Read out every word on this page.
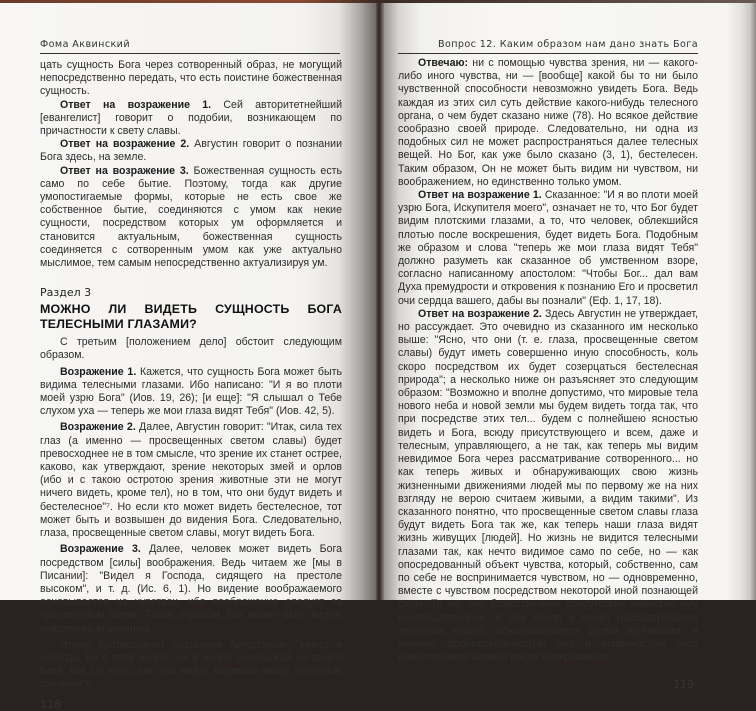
Фома Аквинский

цать сущность Бога через сотворенный образ, не могущий непосредственно передать, что есть поистине божественная сущность.

Ответ на возражение 1. Сей авторитетнейший [евангелист] говорит о подобии, возникающем по причастности к свету славы.

Ответ на возражение 2. Августин говорит о познании Бога здесь, на земле.

Ответ на возражение 3. Божественная сущность есть само по себе бытие. Поэтому, тогда как другие умопостигаемые формы, которые не есть свое же собственное бытие, соединяются с умом как некие сущности, посредством которых ум оформляется и становится актуальным, божественная сущность соединяется с сотворенным умом как уже актуально мыслимое, тем самым непосредственно актуализируя ум.

Раздел 3
МОЖНО ЛИ ВИДЕТЬ СУЩНОСТЬ БОГА ТЕЛЕСНЫМИ ГЛАЗАМИ?

С третьим [положением дело] обстоит следующим образом.

Возражение 1. Кажется, что сущность Бога может быть видима телесными глазами. Ибо написано: "И я во плоти моей узрю Бога" (Иов. 19, 26); [и еще]: "Я слышал о Тебе слухом уха — теперь же мои глаза видят Тебя" (Иов. 42, 5).

Возражение 2. Далее, Августин говорит: "Итак, сила тех глаз (а именно — просвещенных светом славы) будет превосходнее не в том смысле, что зрение их станет острее, каково, как утверждают, зрение некоторых змей и орлов (ибо и с такою остротою зрения животные эти не могут ничего видеть, кроме тел), но в том, что они будут видеть и бестелесное"⁷. Но если кто может видеть бестелесное, тот может быть и возвышен до видения Бога. Следовательно, глаза, просвещенные светом славы, могут видеть Бога.

Возражение 3. Далее, человек может видеть Бога посредством [силы] воображения. Ведь читаем же [мы в Писании]: "Видел я Господа, сидящего на престоле высоком", и т. д. (Ис. 6, 1). Но видение воображаемого основывается на чувствах, ибо воображение следует за чувственным актом. Таким образом, Бог может быть видим чувственным зрением.

Этому противоречит сказанное Августином: "Никто и никогда, ни в этой жизни, ни в жизни ангельской не видел Бога, как Он есть, так, как видят видимые вещи телесным зрением"⁸.

118
Вопрос 12. Каким образом нам дано знать Бога

Отвечаю: ни с помощью чувства зрения, ни — какого-либо иного чувства, ни — [вообще] какой бы то ни было чувственной способности невозможно увидеть Бога. Ведь каждая из этих сил суть действие какого-нибудь телесного органа, о чем будет сказано ниже (78). Но всякое действие сообразно своей природе. Следовательно, ни одна из подобных сил не может распространяться далее телесных вещей. Но Бог, как уже было сказано (3, 1), бестелесен. Таким образом, Он не может быть видим ни чувством, ни воображением, но единственно только умом.

Ответ на возражение 1. Сказанное: "И я во плоти моей узрю Бога, Искупителя моего", означает не то, что Бог будет видим плотскими глазами, а то, что человек, облекшийся плотью после воскрешения, будет видеть Бога. Подобным же образом и слова "теперь же мои глаза видят Тебя" должно разуметь как сказанное об умственном взоре, согласно написанному апостолом: "Чтобы Бог... дал вам Духа премудрости и откровения к познанию Его и просветил очи сердца вашего, дабы вы познали" (Еф. 1, 17, 18).

Ответ на возражение 2. Здесь Августин не утверждает, но рассуждает. Это очевидно из сказанного им несколько выше: "Ясно, что они (т. е. глаза, просвещенные светом славы) будут иметь совершенно иную способность, коль скоро посредством их будет созерцаться бестелесная природа"; а несколько ниже он разъясняет это следующим образом: "Возможно и вполне допустимо, что мировые тела нового неба и новой земли мы будем видеть тогда так, что при посредстве этих тел... будем с полнейшею ясностью видеть и Бога, всюду присутствующего и всем, даже и телесным, управляющего, а не так, как теперь мы видим невидимое Бога через рассматривание сотворенного... но как теперь живых и обнаруживающих свою жизнь жизненными движениями людей мы по первому же на них взгляду не верою считаем живыми, а видим такими". Из сказанного понятно, что просвещенные светом славы глаза будут видеть Бога так же, как теперь наши глаза видят жизнь живущих [людей]. Но жизнь не видится телесными глазами так, как нечто видимое само по себе, но — как опосредованный объект чувства, который, собственно, сам по себе не воспринимается чувством, но — одновременно, вместе с чувством посредством некоторой иной познающей силы. То же, что божественное присутствие известно уму незамедлительно, в том числе и через рассматривание телесных вещей, обусловливается двумя причинами, а именно: проницательностью ума и осиянностью тела божественною славой после воскрешения.

119
